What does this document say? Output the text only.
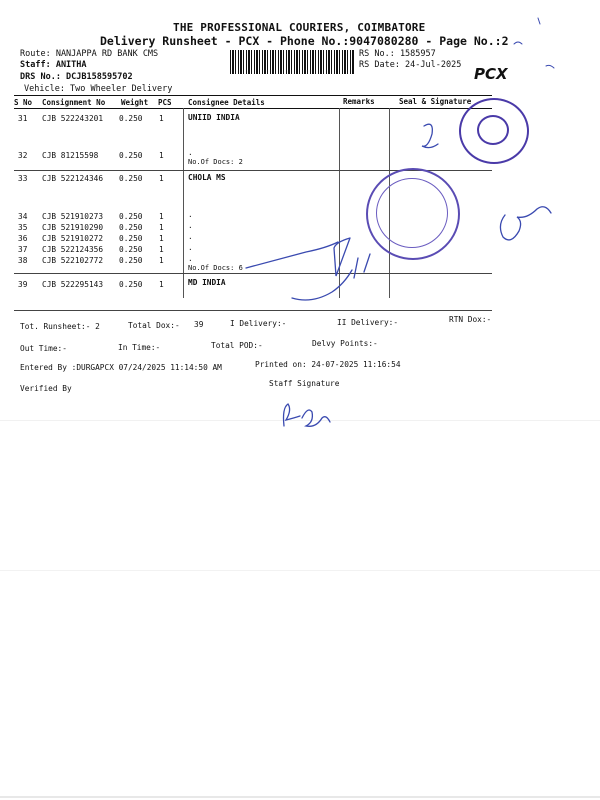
THE PROFESSIONAL COURIERS, COIMBATORE
Delivery Runsheet - PCX - Phone No.:9047080280 - Page No.:2
Route: NANJAPPA RD BANK CMS
Staff: ANITHA
DRS No.: DCJB158595702
Vehicle: Two Wheeler Delivery
RS No.: 1585957
RS Date: 24-Jul-2025 PCX
S No Consignment No Weight PCS Consignee Details	Remarks	Seal & Signature
31 CJB 522243201 0.250 1	UNIID INDIA
32 CJB 81215598	0.250 1	.
No.Of Docs: 2
33 CJB 522124346 0.250 1	CHOLA MS
34 CJB 521910273 0.250 1	.
35 CJB 521910290 0.250 1	.
36 CJB 521910272 0.250 1	.
37 CJB 522124356 0.250 1	.
38 CJB 522102772 0.250 1	.
No.Of Docs: 6
39 CJB 522295143 0.250 1	MD INDIA
Tot. Runsheet:- 2	Total Dox:- 39	I Delivery:-	II Delivery:-	RTN Dox:-
Out Time:-	In Time:-	Total POD:-	Delvy Points:-
Entered By :DURGAPCX 07/24/2025 11:14:50 AM	Printed on: 24-07-2025 11:16:54
Verified By
Staff Signature
